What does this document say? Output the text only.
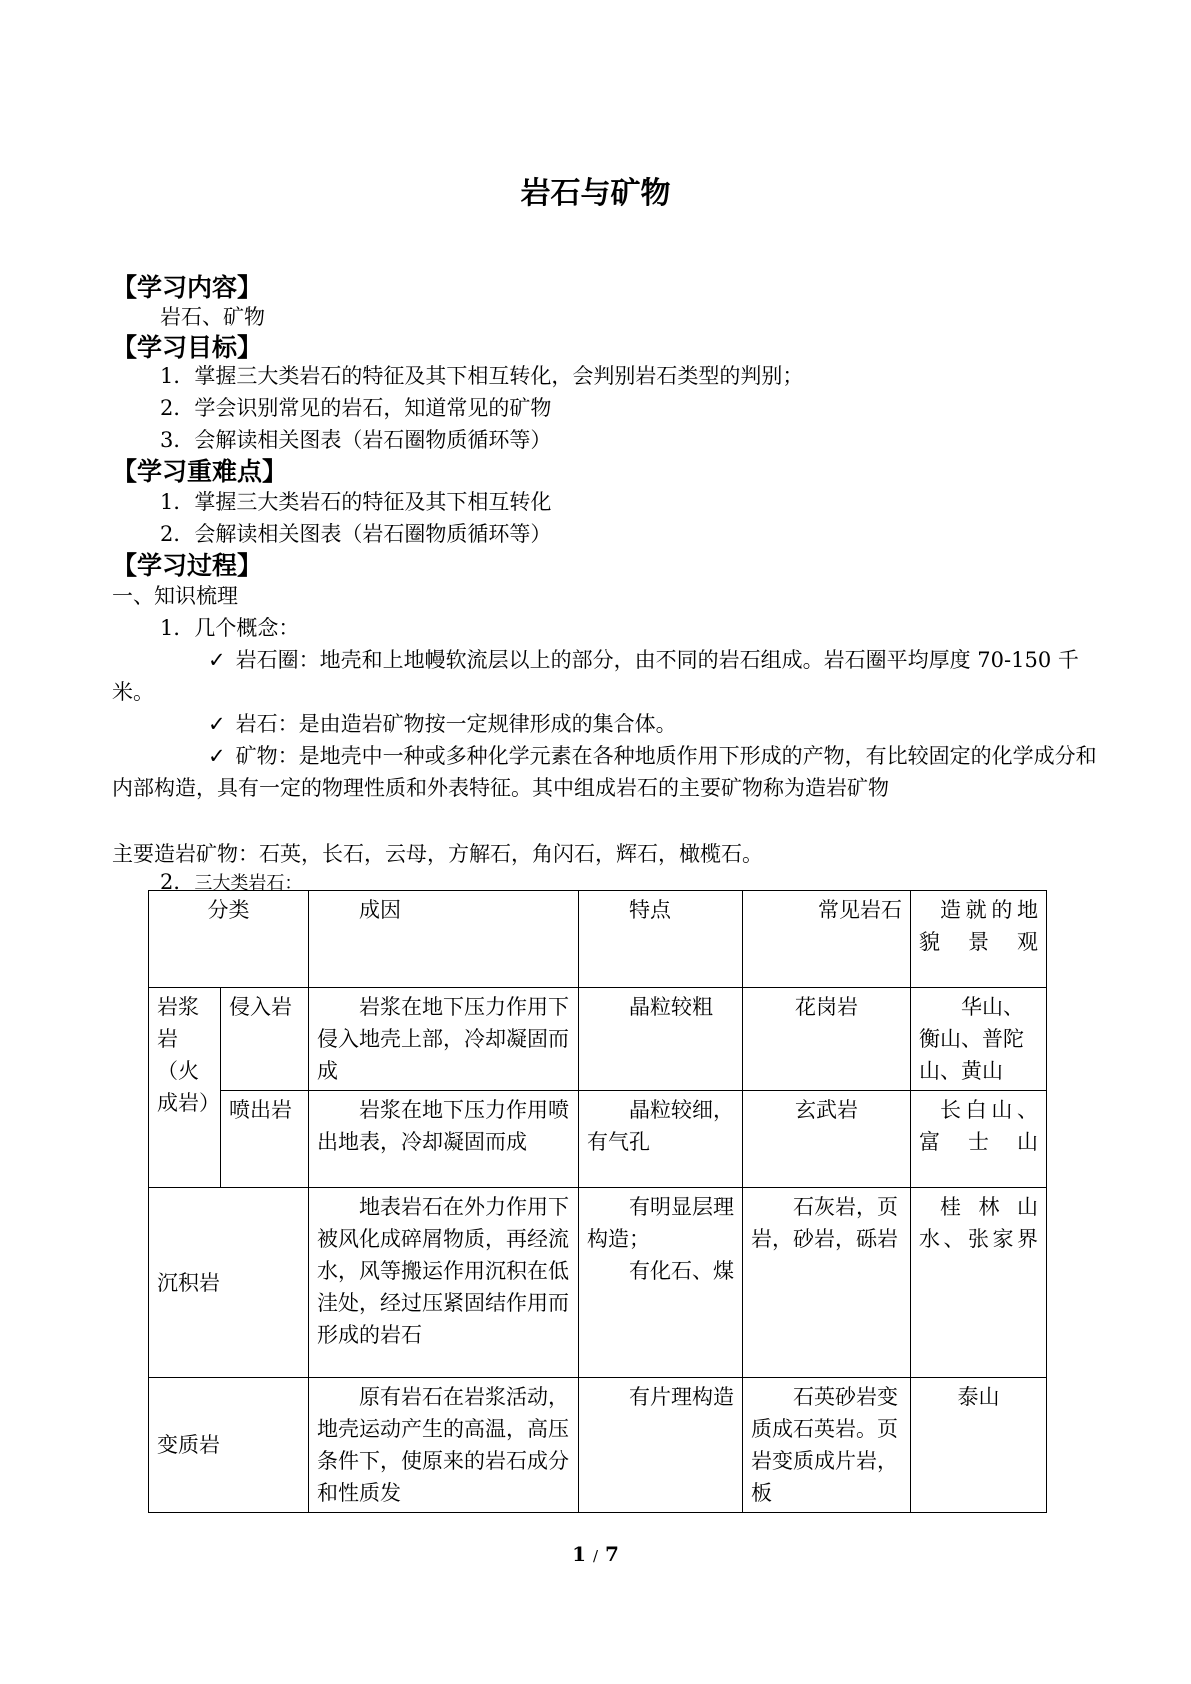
岩石与矿物
【学习内容】
岩石、矿物
【学习目标】
1．掌握三大类岩石的特征及其下相互转化，会判别岩石类型的判别；
2．学会识别常见的岩石，知道常见的矿物
3．会解读相关图表（岩石圈物质循环等）
【学习重难点】
1．掌握三大类岩石的特征及其下相互转化
2．会解读相关图表（岩石圈物质循环等）
【学习过程】
一、知识梳理
1．几个概念：
✓ 岩石圈：地壳和上地幔软流层以上的部分，由不同的岩石组成。岩石圈平均厚度 70-150 千米。
✓ 岩石：是由造岩矿物按一定规律形成的集合体。
✓ 矿物：是地壳中一种或多种化学元素在各种地质作用下形成的产物，有比较固定的化学成分和内部构造，具有一定的物理性质和外表特征。其中组成岩石的主要矿物称为造岩矿物
主要造岩矿物：石英，长石，云母，方解石，角闪石，辉石，橄榄石。
2．三大类岩石：
分类		成因	特点	常见岩石	造就的地貌景观
岩浆岩（火成岩）	侵入岩	岩浆在地下压力作用下侵入地壳上部，冷却凝固而成	晶粒较粗	花岗岩	华山、衡山、普陀山、黄山
	喷出岩	岩浆在地下压力作用喷出地表，冷却凝固而成	晶粒较细，有气孔	玄武岩	长白山、富士山
沉积岩		地表岩石在外力作用下被风化成碎屑物质，再经流水，风等搬运作用沉积在低洼处，经过压紧固结作用而形成的岩石	有明显层理构造；
有化石、煤	石灰岩，页岩，砂岩，砾岩	桂林山水、张家界
变质岩		原有岩石在岩浆活动，地壳运动产生的高温，高压条件下，使原来的岩石成分和性质发	有片理构造	石英砂岩变质成石英岩。页岩变质成片岩，板	泰山
1 / 7
